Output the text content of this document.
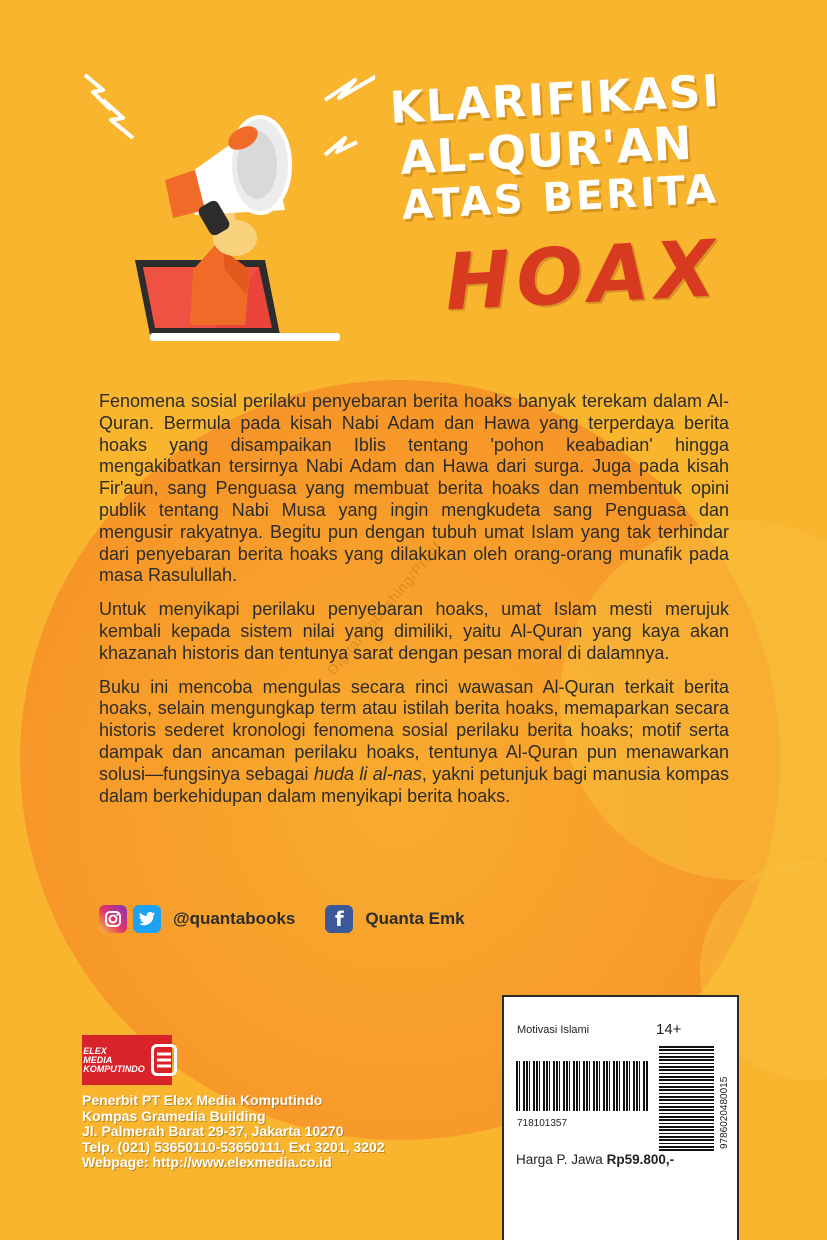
Digital Publishing/Proof
KLARIFIKASI
AL-QUR'AN
ATAS BERITA
HOAX

Fenomena sosial perilaku penyebaran berita hoaks banyak terekam dalam Al-Quran. Bermula pada kisah Nabi Adam dan Hawa yang terperdaya berita hoaks yang disampaikan Iblis tentang 'pohon keabadian' hingga mengakibatkan tersirnya Nabi Adam dan Hawa dari surga. Juga pada kisah Fir'aun, sang Penguasa yang membuat berita hoaks dan membentuk opini publik tentang Nabi Musa yang ingin mengkudeta sang Penguasa dan mengusir rakyatnya. Begitu pun dengan tubuh umat Islam yang tak terhindar dari penyebaran berita hoaks yang dilakukan oleh orang-orang munafik pada masa Rasulullah.

Untuk menyikapi perilaku penyebaran hoaks, umat Islam mesti merujuk kembali kepada sistem nilai yang dimiliki, yaitu Al-Quran yang kaya akan khazanah historis dan tentunya sarat dengan pesan moral di dalamnya.

Buku ini mencoba mengulas secara rinci wawasan Al-Quran terkait berita hoaks, selain mengungkap term atau istilah berita hoaks, memaparkan secara historis sederet kronologi fenomena sosial perilaku berita hoaks; motif serta dampak dan ancaman perilaku hoaks, tentunya Al-Quran pun menawarkan solusi—fungsinya sebagai huda li al-nas, yakni petunjuk bagi manusia kompas dalam berkehidupan dalam menyikapi berita hoaks.

@quantabooks	f	Quanta Emk
ELEX
MEDIA
KOMPUTINDO
Penerbit PT Elex Media Komputindo
Kompas Gramedia Building
Jl. Palmerah Barat 29-37, Jakarta 10270
Telp. (021) 53650110-53650111, Ext 3201, 3202
Webpage: http://www.elexmedia.co.id
Motivasi Islami	14+
718101357	9786020480015
Harga P. Jawa Rp59.800,-
